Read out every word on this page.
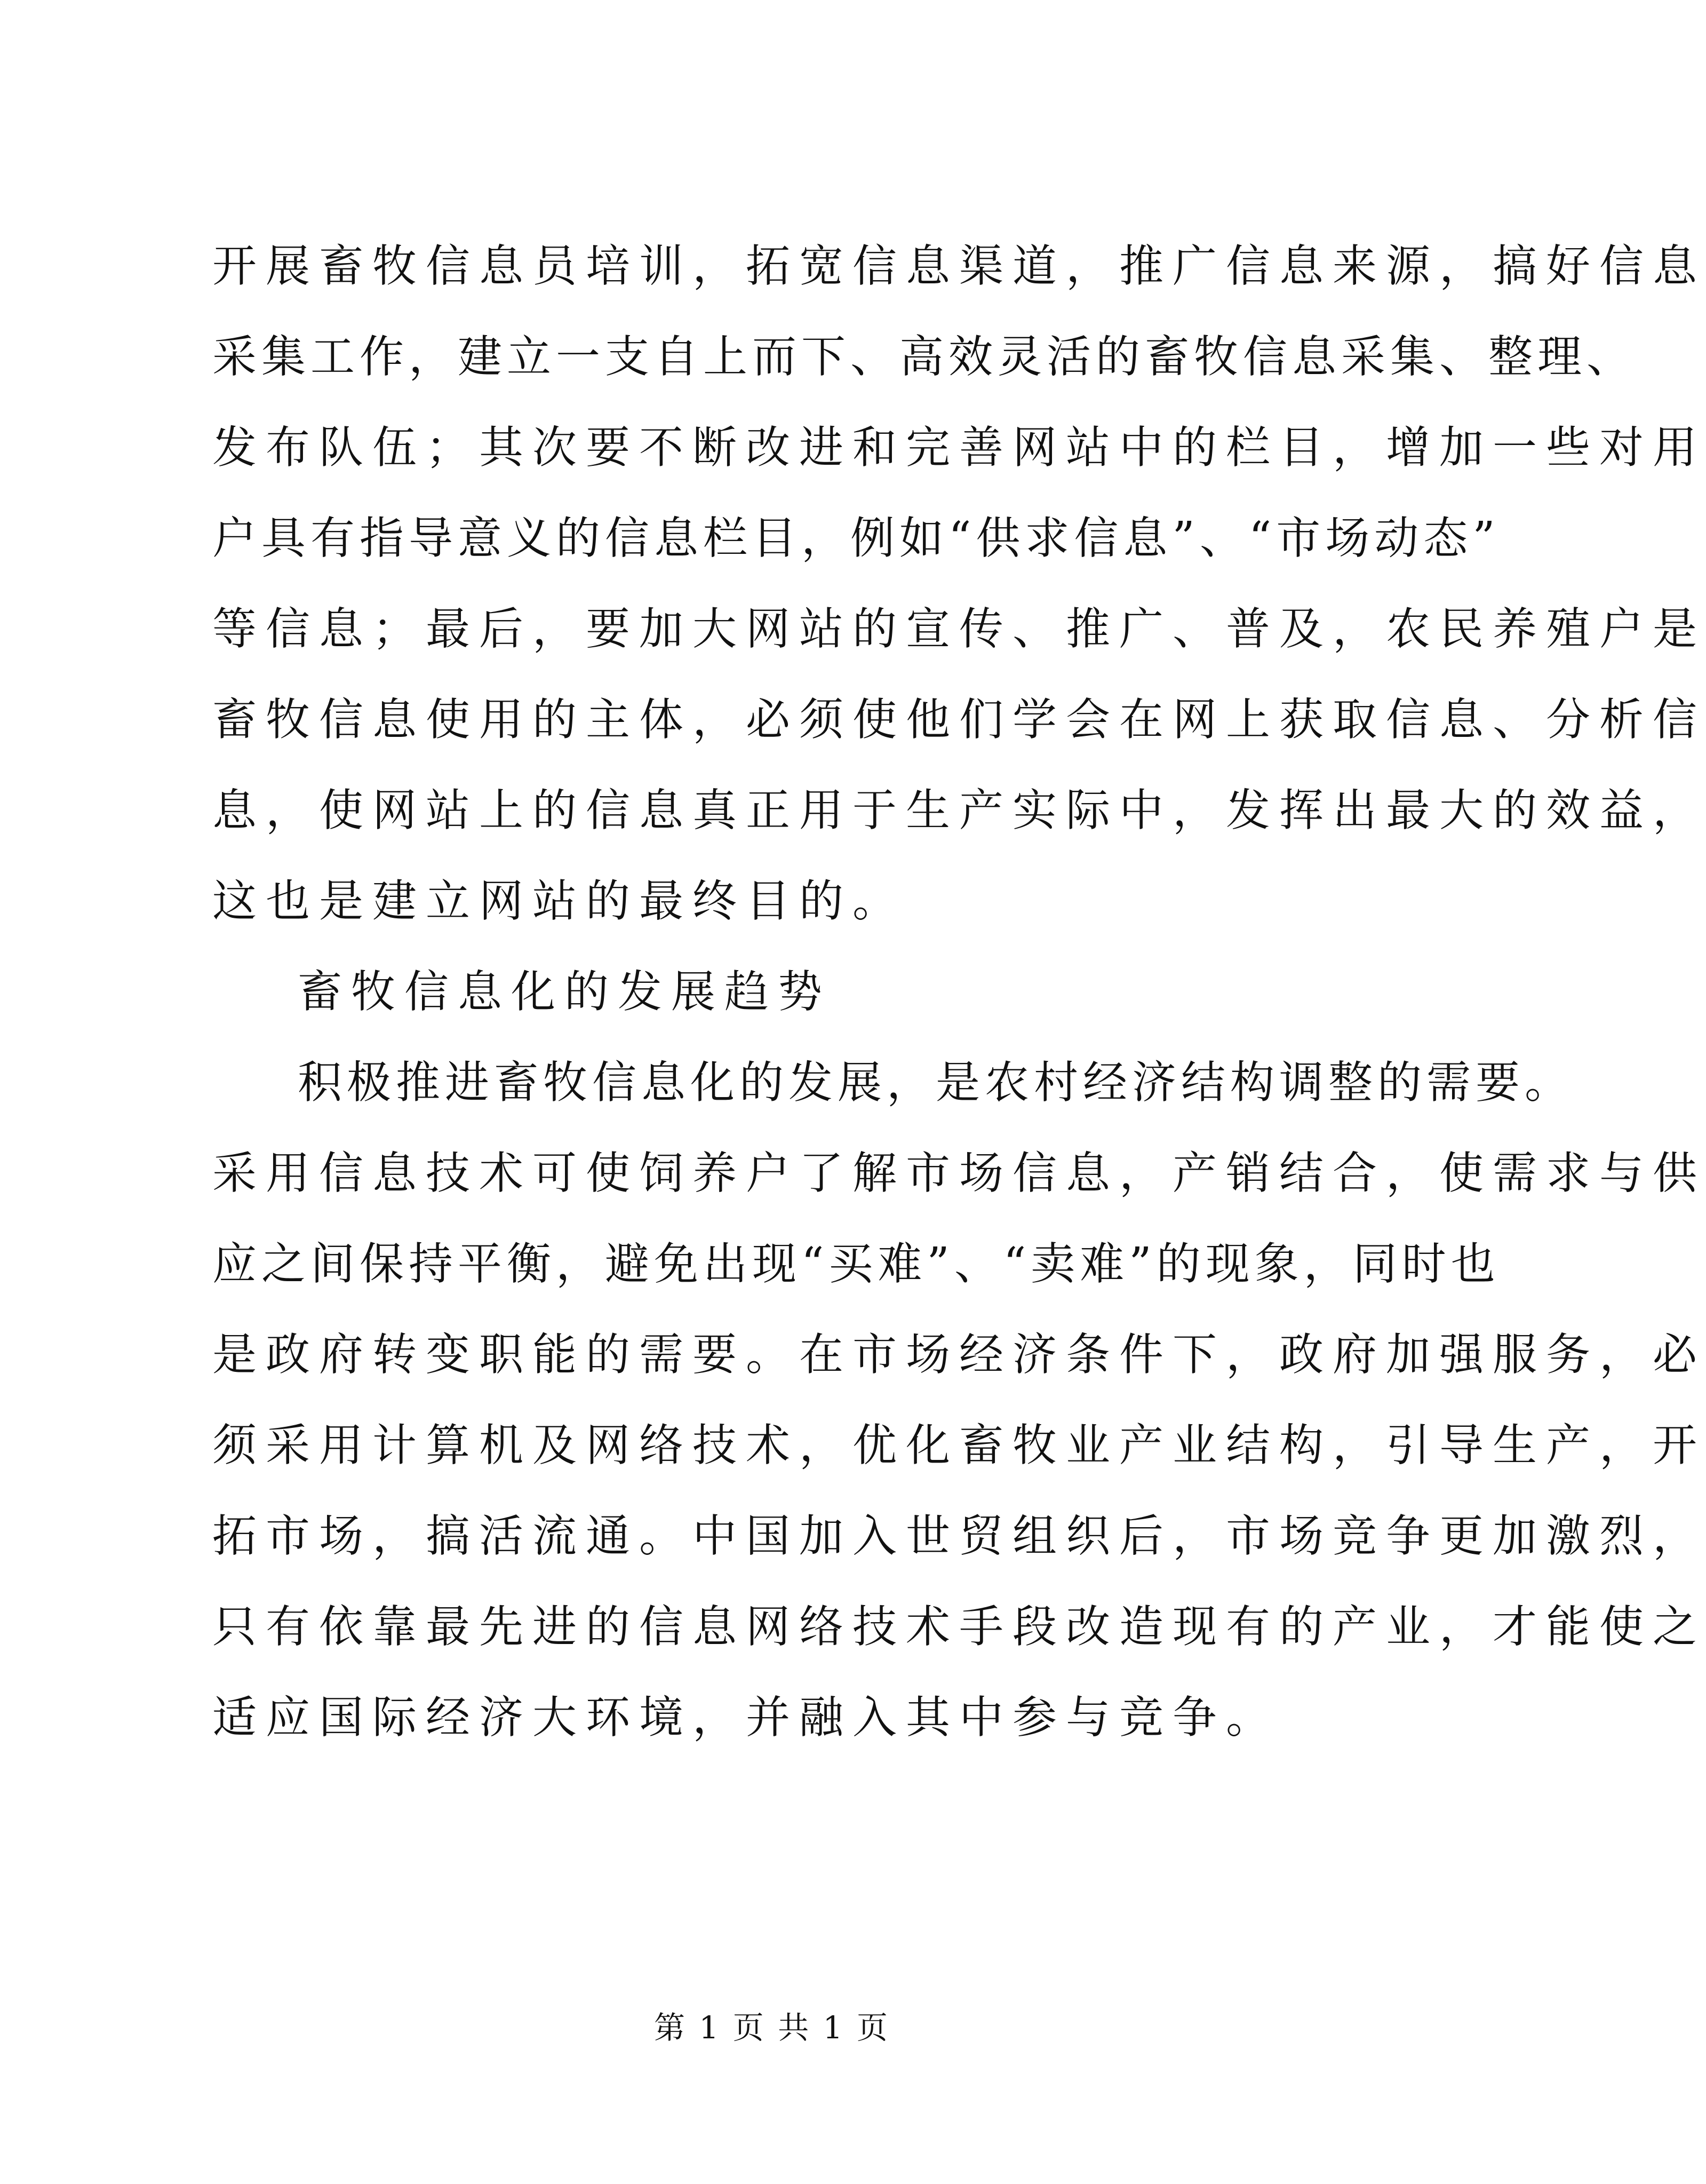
开展畜牧信息员培训，拓宽信息渠道，推广信息来源，搞好信息
采集工作，建立一支自上而下、高效灵活的畜牧信息采集、整理、
发布队伍；其次要不断改进和完善网站中的栏目，增加一些对用
户具有指导意义的信息栏目，例如“供求信息”、“市场动态”
等信息；最后，要加大网站的宣传、推广、普及，农民养殖户是
畜牧信息使用的主体，必须使他们学会在网上获取信息、分析信
息，使网站上的信息真正用于生产实际中，发挥出最大的效益，
这也是建立网站的最终目的。
畜牧信息化的发展趋势
积极推进畜牧信息化的发展，是农村经济结构调整的需要。
采用信息技术可使饲养户了解市场信息，产销结合，使需求与供
应之间保持平衡，避免出现“买难”、“卖难”的现象，同时也
是政府转变职能的需要。在市场经济条件下，政府加强服务，必
须采用计算机及网络技术，优化畜牧业产业结构，引导生产，开
拓市场，搞活流通。中国加入世贸组织后，市场竞争更加激烈，
只有依靠最先进的信息网络技术手段改造现有的产业，才能使之
适应国际经济大环境，并融入其中参与竞争。
第 1 页 共 1 页
